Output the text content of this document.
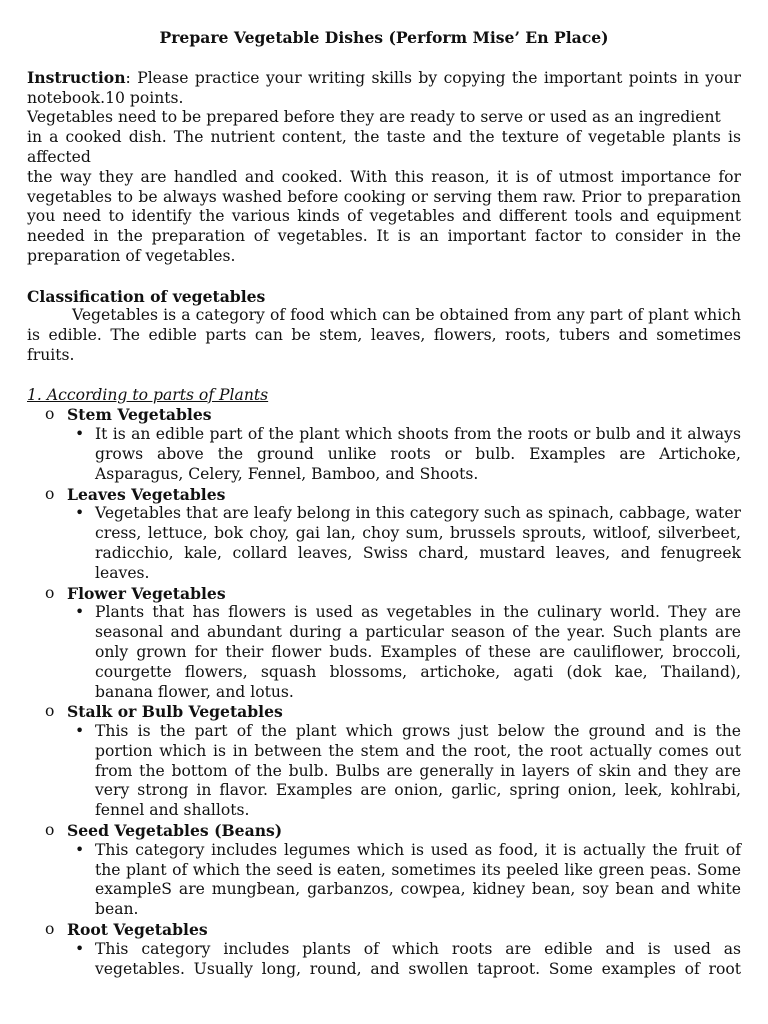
Prepare Vegetable Dishes (Perform Mise’ En Place)

Instruction: Please practice your writing skills by copying the important points in your notebook.10 points.

Vegetables need to be prepared before they are ready to serve or used as an ingredient
in a cooked dish. The nutrient content, the taste and the texture of vegetable plants is
affected
the way they are handled and cooked. With this reason, it is of utmost importance for
vegetables to be always washed before cooking or serving them raw. Prior to preparation
you need to identify the various kinds of vegetables and different tools and equipment
needed in the preparation of vegetables. It is an important factor to consider in the
preparation of vegetables.

Classification of vegetables

Vegetables is a category of food which can be obtained from any part of plant which is edible. The edible parts can be stem, leaves, flowers, roots, tubers and sometimes fruits.

1. According to parts of Plants

o Stem Vegetables

• It is an edible part of the plant which shoots from the roots or bulb and it always
grows above the ground unlike roots or bulb. Examples are Artichoke,
Asparagus, Celery, Fennel, Bamboo, and Shoots.

o Leaves Vegetables

• Vegetables that are leafy belong in this category such as spinach, cabbage, water
cress, lettuce, bok choy, gai lan, choy sum, brussels sprouts, witloof, silverbeet,
radicchio, kale, collard leaves, Swiss chard, mustard leaves, and fenugreek
leaves.

o Flower Vegetables

• Plants that has flowers is used as vegetables in the culinary world. They are
seasonal and abundant during a particular season of the year. Such plants are
only grown for their flower buds. Examples of these are cauliflower, broccoli,
courgette flowers, squash blossoms, artichoke, agati (dok kae, Thailand),
banana flower, and lotus.

o Stalk or Bulb Vegetables

• This is the part of the plant which grows just below the ground and is the
portion which is in between the stem and the root, the root actually comes out
from the bottom of the bulb. Bulbs are generally in layers of skin and they are
very strong in flavor. Examples are onion, garlic, spring onion, leek, kohlrabi,
fennel and shallots.

o Seed Vegetables (Beans)

• This category includes legumes which is used as food, it is actually the fruit of
the plant of which the seed is eaten, sometimes its peeled like green peas. Some
exampleS are mungbean, garbanzos, cowpea, kidney bean, soy bean and white
bean.

o Root Vegetables

• This category includes plants of which roots are edible and is used as
vegetables. Usually long, round, and swollen taproot. Some examples of root
